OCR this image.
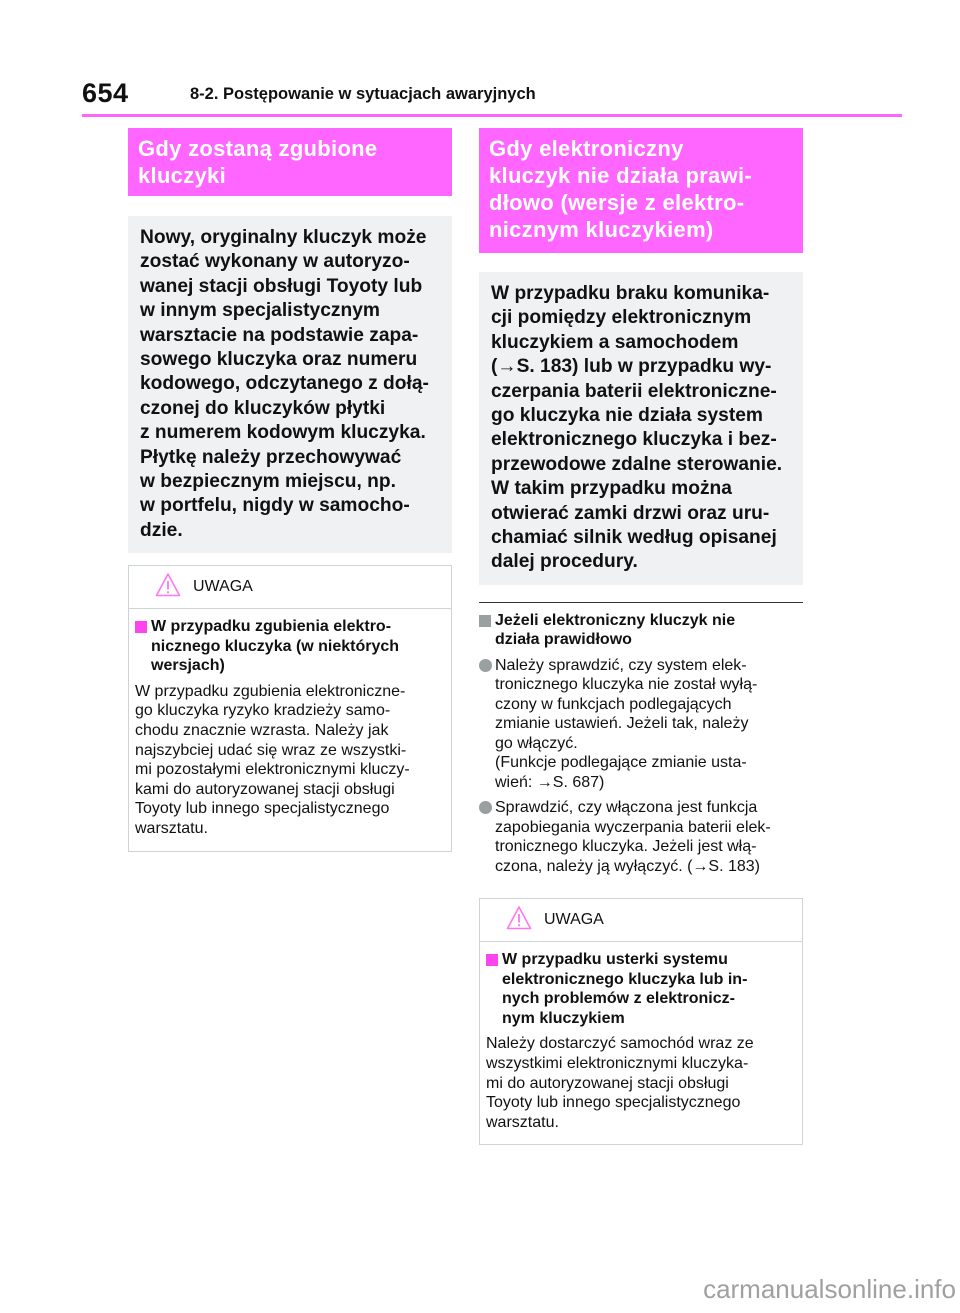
654	8-2. Postępowanie w sytuacjach awaryjnych
Gdy zostaną zgubione kluczyki
Nowy, oryginalny kluczyk może
zostać wykonany w autoryzo-
wanej stacji obsługi Toyoty lub
w innym specjalistycznym
warsztacie na podstawie zapa-
sowego kluczyka oraz numeru
kodowego, odczytanego z dołą-
czonej do kluczyków płytki
z numerem kodowym kluczyka.
Płytkę należy przechowywać
w bezpiecznym miejscu, np.
w portfelu, nigdy w samocho-
dzie.
UWAGA
W przypadku zgubienia elektro-
nicznego kluczyka (w niektórych
wersjach)
W przypadku zgubienia elektroniczne-
go kluczyka ryzyko kradzieży samo-
chodu znacznie wzrasta. Należy jak
najszybciej udać się wraz ze wszystki-
mi pozostałymi elektronicznymi kluczy-
kami do autoryzowanej stacji obsługi
Toyoty lub innego specjalistycznego
warsztatu.
Gdy elektroniczny
kluczyk nie działa prawi-
dłowo (wersje z elektro-
nicznym kluczykiem)
W przypadku braku komunika-
cji pomiędzy elektronicznym
kluczykiem a samochodem
(→S. 183) lub w przypadku wy-
czerpania baterii elektroniczne-
go kluczyka nie działa system
elektronicznego kluczyka i bez-
przewodowe zdalne sterowanie.
W takim przypadku można
otwierać zamki drzwi oraz uru-
chamiać silnik według opisanej
dalej procedury.
Jeżeli elektroniczny kluczyk nie
działa prawidłowo
Należy sprawdzić, czy system elek-
tronicznego kluczyka nie został wyłą-
czony w funkcjach podlegających
zmianie ustawień. Jeżeli tak, należy
go włączyć.
(Funkcje podlegające zmianie usta-
wień: →S. 687)
Sprawdzić, czy włączona jest funkcja
zapobiegania wyczerpania baterii elek-
tronicznego kluczyka. Jeżeli jest włą-
czona, należy ją wyłączyć. (→S. 183)
UWAGA
W przypadku usterki systemu
elektronicznego kluczyka lub in-
nych problemów z elektronicz-
nym kluczykiem
Należy dostarczyć samochód wraz ze
wszystkimi elektronicznymi kluczyka-
mi do autoryzowanej stacji obsługi
Toyoty lub innego specjalistycznego
warsztatu.
carmanualsonline.info
